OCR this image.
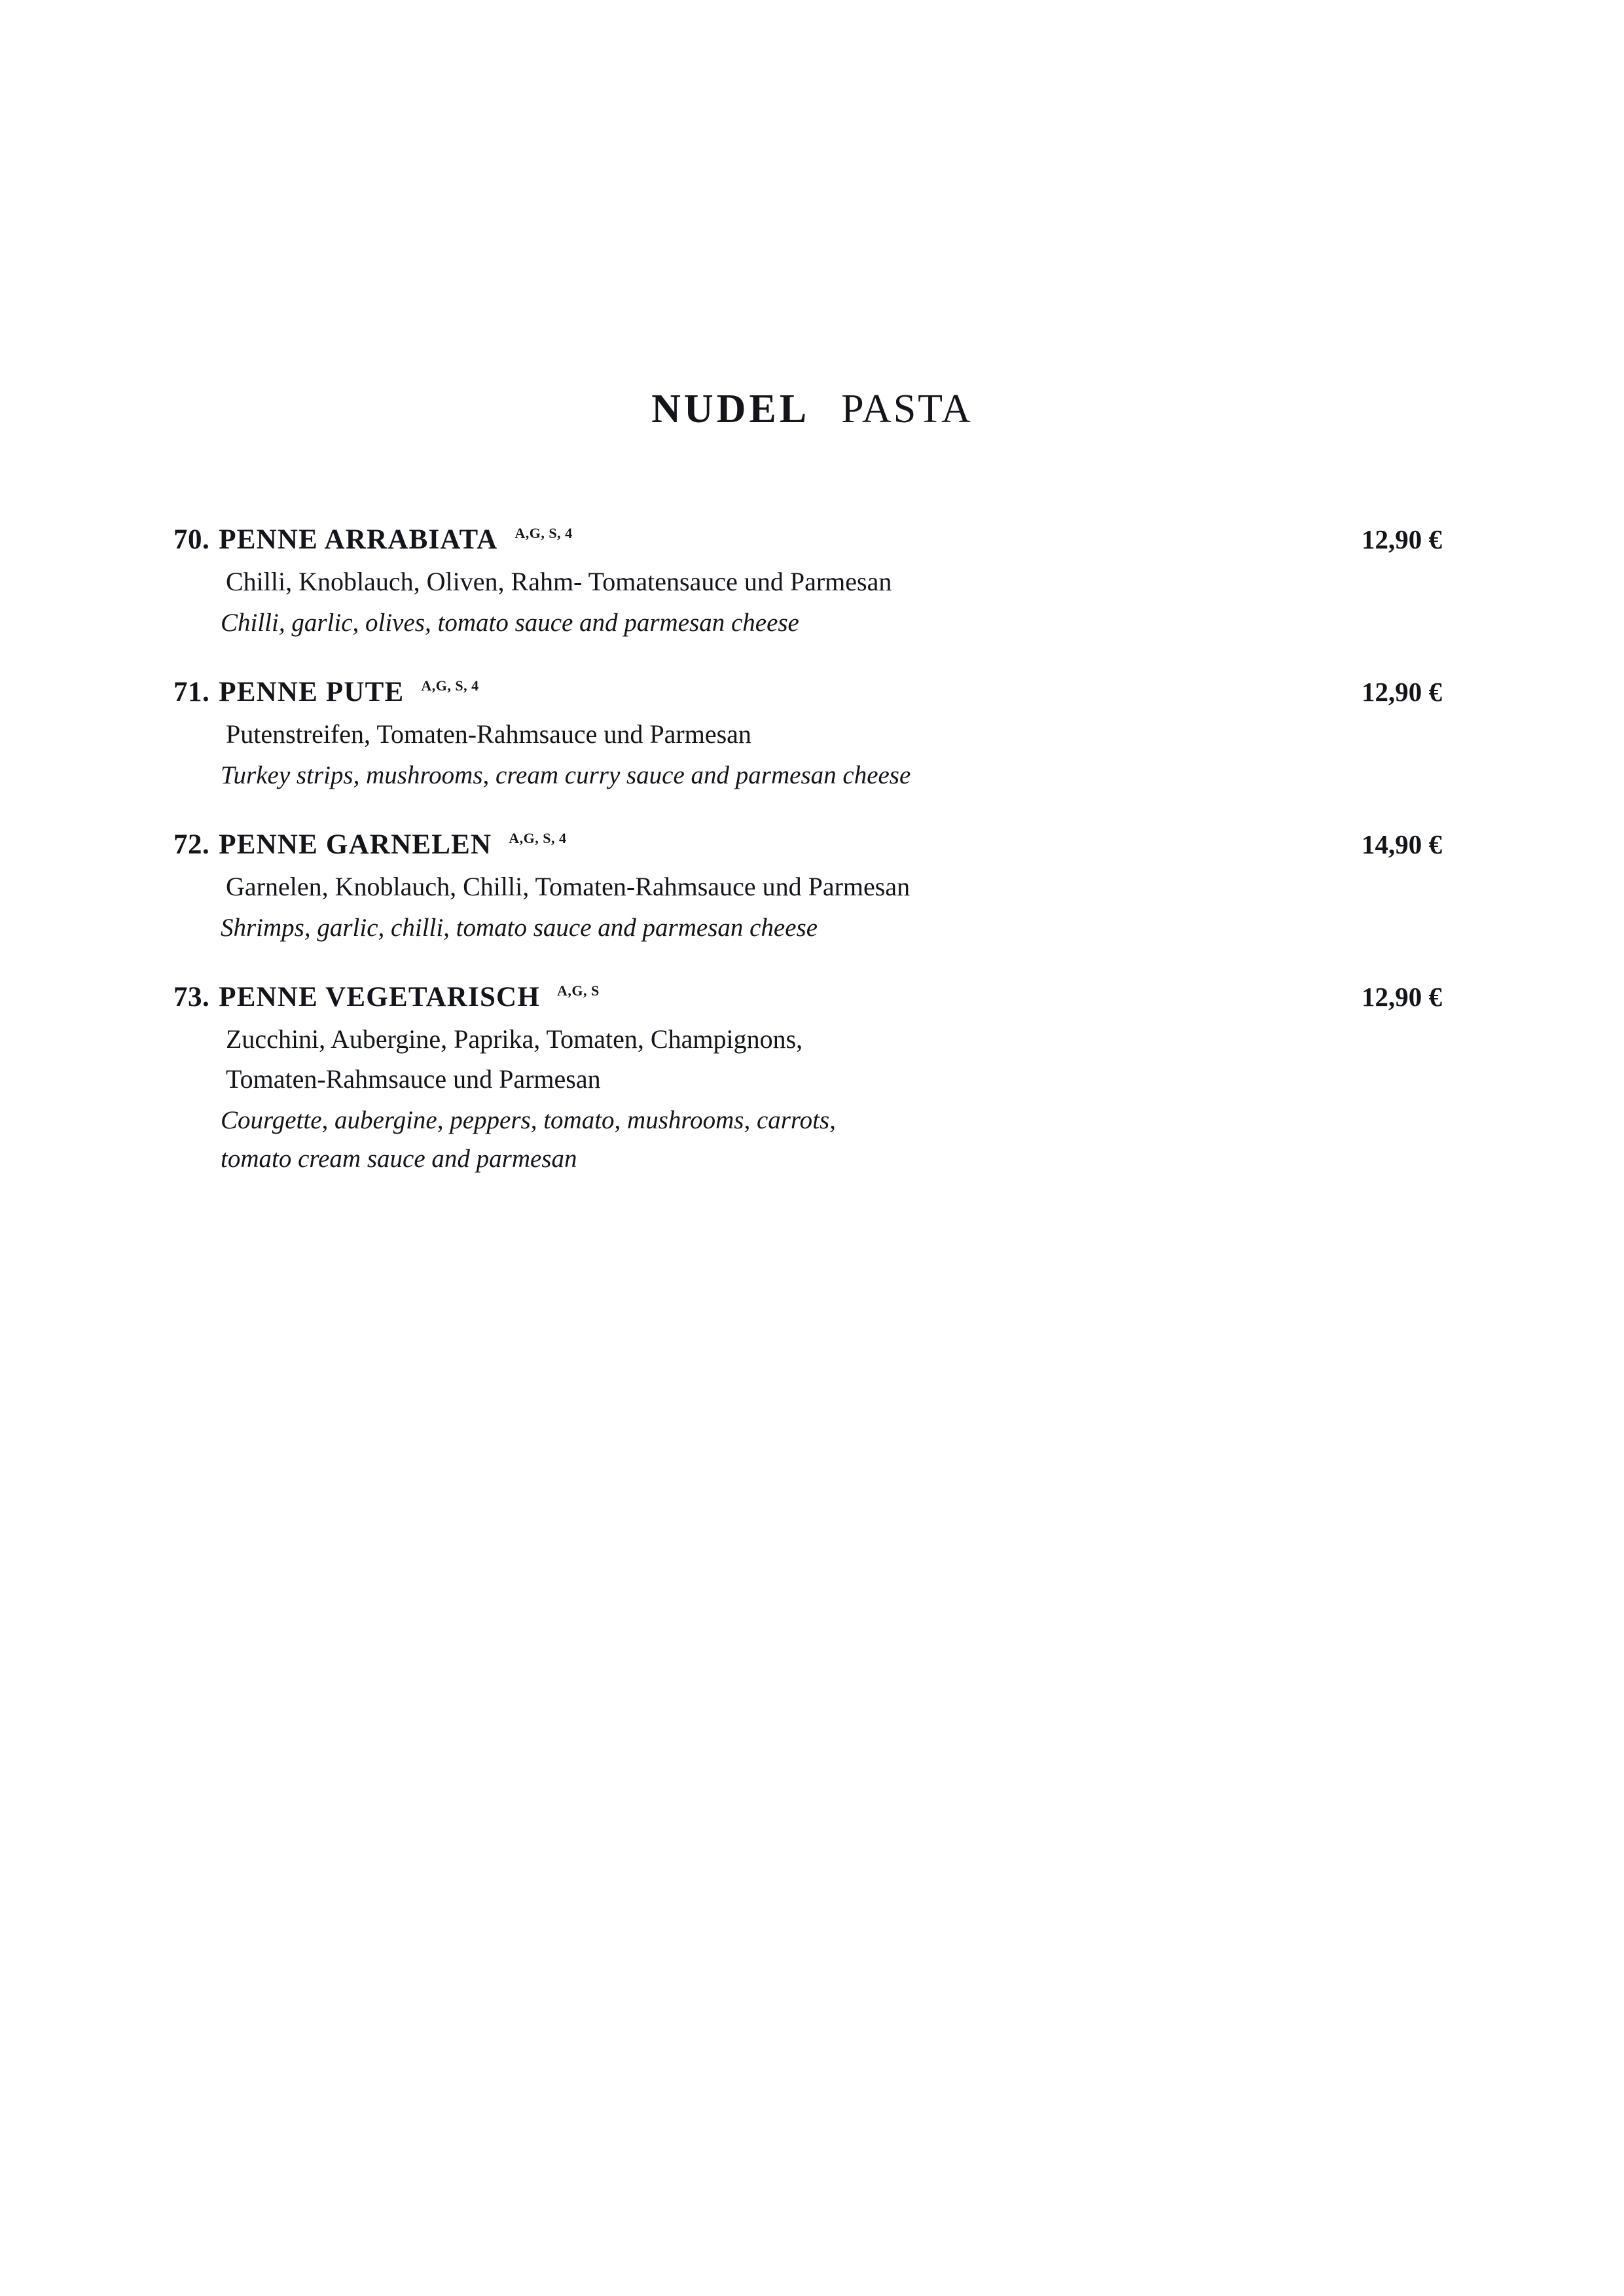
NUDEL PASTA
70. PENNE ARRABIATA A,G, S, 4	12,90 €
Chilli, Knoblauch, Oliven, Rahm- Tomatensauce und Parmesan
Chilli, garlic, olives, tomato sauce and parmesan cheese
71. PENNE PUTE A,G, S, 4	12,90 €
Putenstreifen, Tomaten-Rahmsauce und Parmesan
Turkey strips, mushrooms, cream curry sauce and parmesan cheese
72. PENNE GARNELEN A,G, S, 4	14,90 €
Garnelen, Knoblauch, Chilli, Tomaten-Rahmsauce und Parmesan
Shrimps, garlic, chilli, tomato sauce and parmesan cheese
73. PENNE VEGETARISCH A,G, S	12,90 €
Zucchini, Aubergine, Paprika, Tomaten, Champignons,
Tomaten-Rahmsauce und Parmesan
Courgette, aubergine, peppers, tomato, mushrooms, carrots,
tomato cream sauce and parmesan
